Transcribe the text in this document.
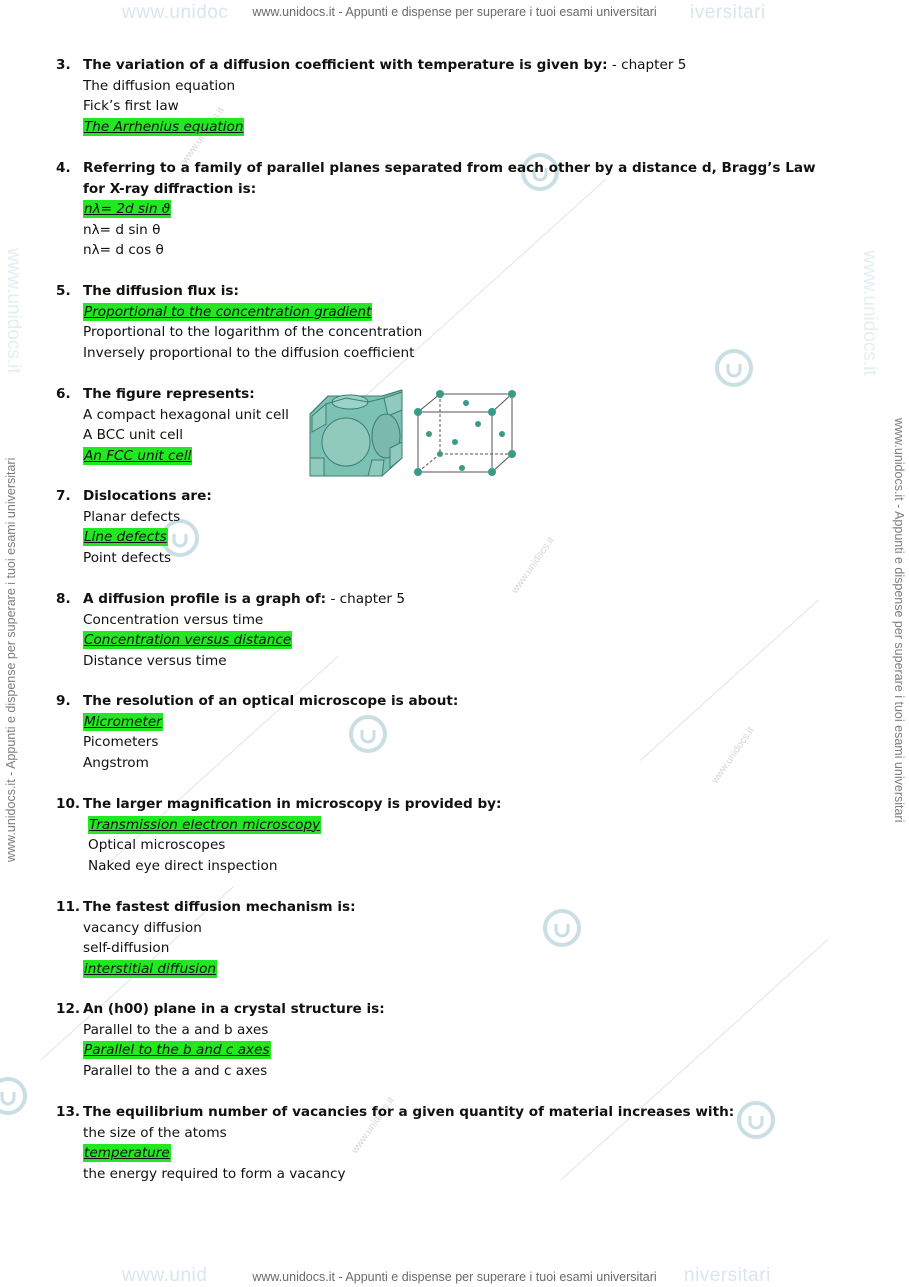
www.unidocs.it
www.unidocs.it
www.unidocs.it
www.unidoc	iversitari
www.unidocs.it - Appunti e dispense per superare i tuoi esami universitari
www.unid	niversitari
www.unidocs.it - Appunti e dispense per superare i tuoi esami universitari
www.unidocs.it - Appunti e dispense per superare i tuoi esami universitari
www.unidocs.it
www.unidocs.it - Appunti e dispense per superare i tuoi esami universitari
www.unidocs.it
3. The variation of a diffusion coefficient with temperature is given by: - chapter 5
The diffusion equation
Fick’s first law
The Arrhenius equation
4. Referring to a family of parallel planes separated from each other by a distance d, Bragg’s Law for X-ray diffraction is:
nλ= 2d sin ϑ

nλ= d sin θ
nλ= d cos θ
5. The diffusion flux is:
Proportional to the concentration gradient

Proportional to the logarithm of the concentration
Inversely proportional to the diffusion coefficient
6. The figure represents:
A compact hexagonal unit cell
A BCC unit cell
An FCC unit cell
7. Dislocations are:
Planar defects
Line defects
Point defects
8. A diffusion profile is a graph of: - chapter 5
Concentration versus time
Concentration versus distance
Distance versus time
9. The resolution of an optical microscope is about:
Micrometer

Picometers
Angstrom
10. The larger magnification in microscopy is provided by:
Transmission electron microscopy

Optical microscopes
Naked eye direct inspection
11. The fastest diffusion mechanism is:
vacancy diffusion
self-diffusion
interstitial diffusion
12. An (h00) plane in a crystal structure is:
Parallel to the a and b axes
Parallel to the b and c axes
Parallel to the a and c axes
13. The equilibrium number of vacancies for a given quantity of material increases with:
the size of the atoms
temperature
the energy required to form a vacancy
